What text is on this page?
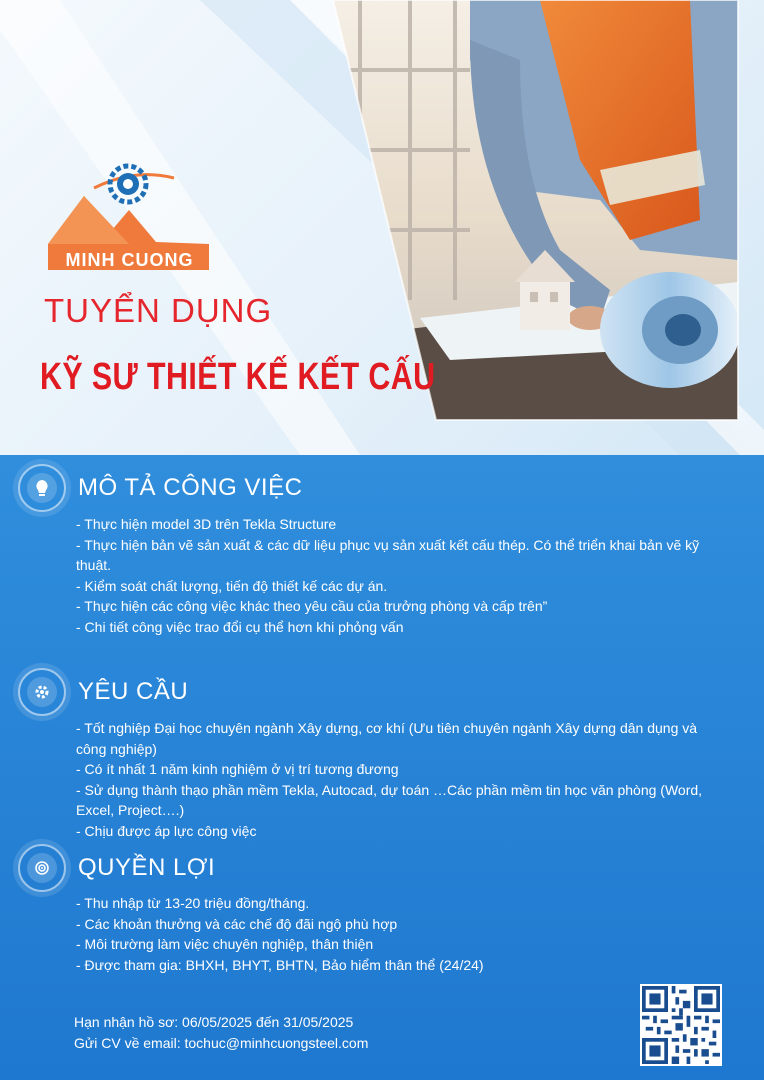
MINH CUONG
TUYỂN DỤNG
KỸ SƯ THIẾT KẾ KẾT CẤU
MÔ TẢ CÔNG VIỆC
- Thực hiện model 3D trên Tekla Structure
- Thực hiện bản vẽ sản xuất & các dữ liệu phục vụ sản xuất kết cấu thép. Có thể triển khai bản vẽ kỹ thuật.
- Kiểm soát chất lượng, tiến độ thiết kế các dự án.
- Thực hiện các công việc khác theo yêu cầu của trưởng phòng và cấp trên”
- Chi tiết công việc trao đổi cụ thể hơn khi phỏng vấn
YÊU CẦU
- Tốt nghiệp Đại học chuyên ngành Xây dựng, cơ khí (Ưu tiên chuyên ngành Xây dựng dân dụng và công nghiệp)
- Có ít nhất 1 năm kinh nghiệm ở vị trí tương đương
- Sử dụng thành thạo phần mềm Tekla, Autocad, dự toán …Các phần mềm tin học văn phòng (Word, Excel, Project….)
- Chịu được áp lực công việc
QUYỀN LỢI
- Thu nhập từ 13-20 triệu đồng/tháng.
- Các khoản thưởng và các chế độ đãi ngộ phù hợp
- Môi trường làm việc chuyên nghiệp, thân thiện
- Được tham gia: BHXH, BHYT, BHTN, Bảo hiểm thân thể (24/24)
Hạn nhận hồ sơ: 06/05/2025 đến 31/05/2025
Gửi CV về email: tochuc@minhcuongsteel.com
